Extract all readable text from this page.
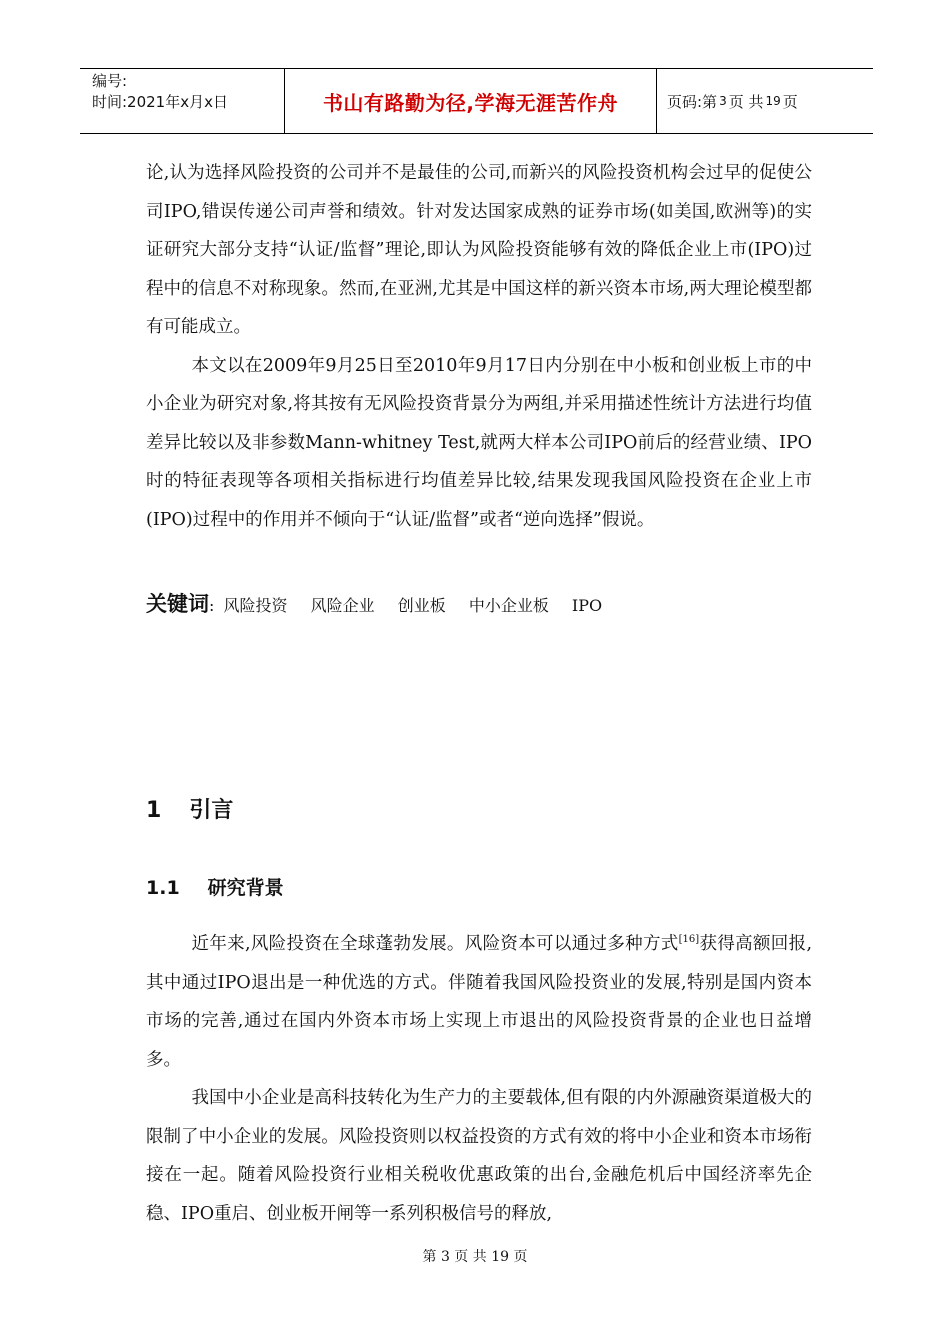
编号:
时间:2021年x月x日	书山有路勤为径,学海无涯苦作舟	页码:第 3 页 共 19 页

论,认为选择风险投资的公司并不是最佳的公司,而新兴的风险投资机构会过早的促使公司IPO,错误传递公司声誉和绩效。针对发达国家成熟的证券市场(如美国,欧洲等)的实证研究大部分支持“认证/监督”理论,即认为风险投资能够有效的降低企业上市(IPO)过程中的信息不对称现象。然而,在亚洲,尤其是中国这样的新兴资本市场,两大理论模型都有可能成立。

本文以在2009年9月25日至2010年9月17日内分别在中小板和创业板上市的中小企业为研究对象,将其按有无风险投资背景分为两组,并采用描述性统计方法进行均值差异比较以及非参数Mann-whitney Test,就两大样本公司IPO前后的经营业绩、IPO时的特征表现等各项相关指标进行均值差异比较,结果发现我国风险投资在企业上市(IPO)过程中的作用并不倾向于“认证/监督”或者“逆向选择”假说。

关键词: 风险投资 风险企业 创业板 中小企业板 IPO
1 引言
1.1 研究背景

近年来,风险投资在全球蓬勃发展。风险资本可以通过多种方式[16]获得高额回报,其中通过IPO退出是一种优选的方式。伴随着我国风险投资业的发展,特别是国内资本市场的完善,通过在国内外资本市场上实现上市退出的风险投资背景的企业也日益增多。

我国中小企业是高科技转化为生产力的主要载体,但有限的内外源融资渠道极大的限制了中小企业的发展。风险投资则以权益投资的方式有效的将中小企业和资本市场衔接在一起。随着风险投资行业相关税收优惠政策的出台,金融危机后中国经济率先企稳、IPO重启、创业板开闸等一系列积极信号的释放,

第 3 页 共 19 页
